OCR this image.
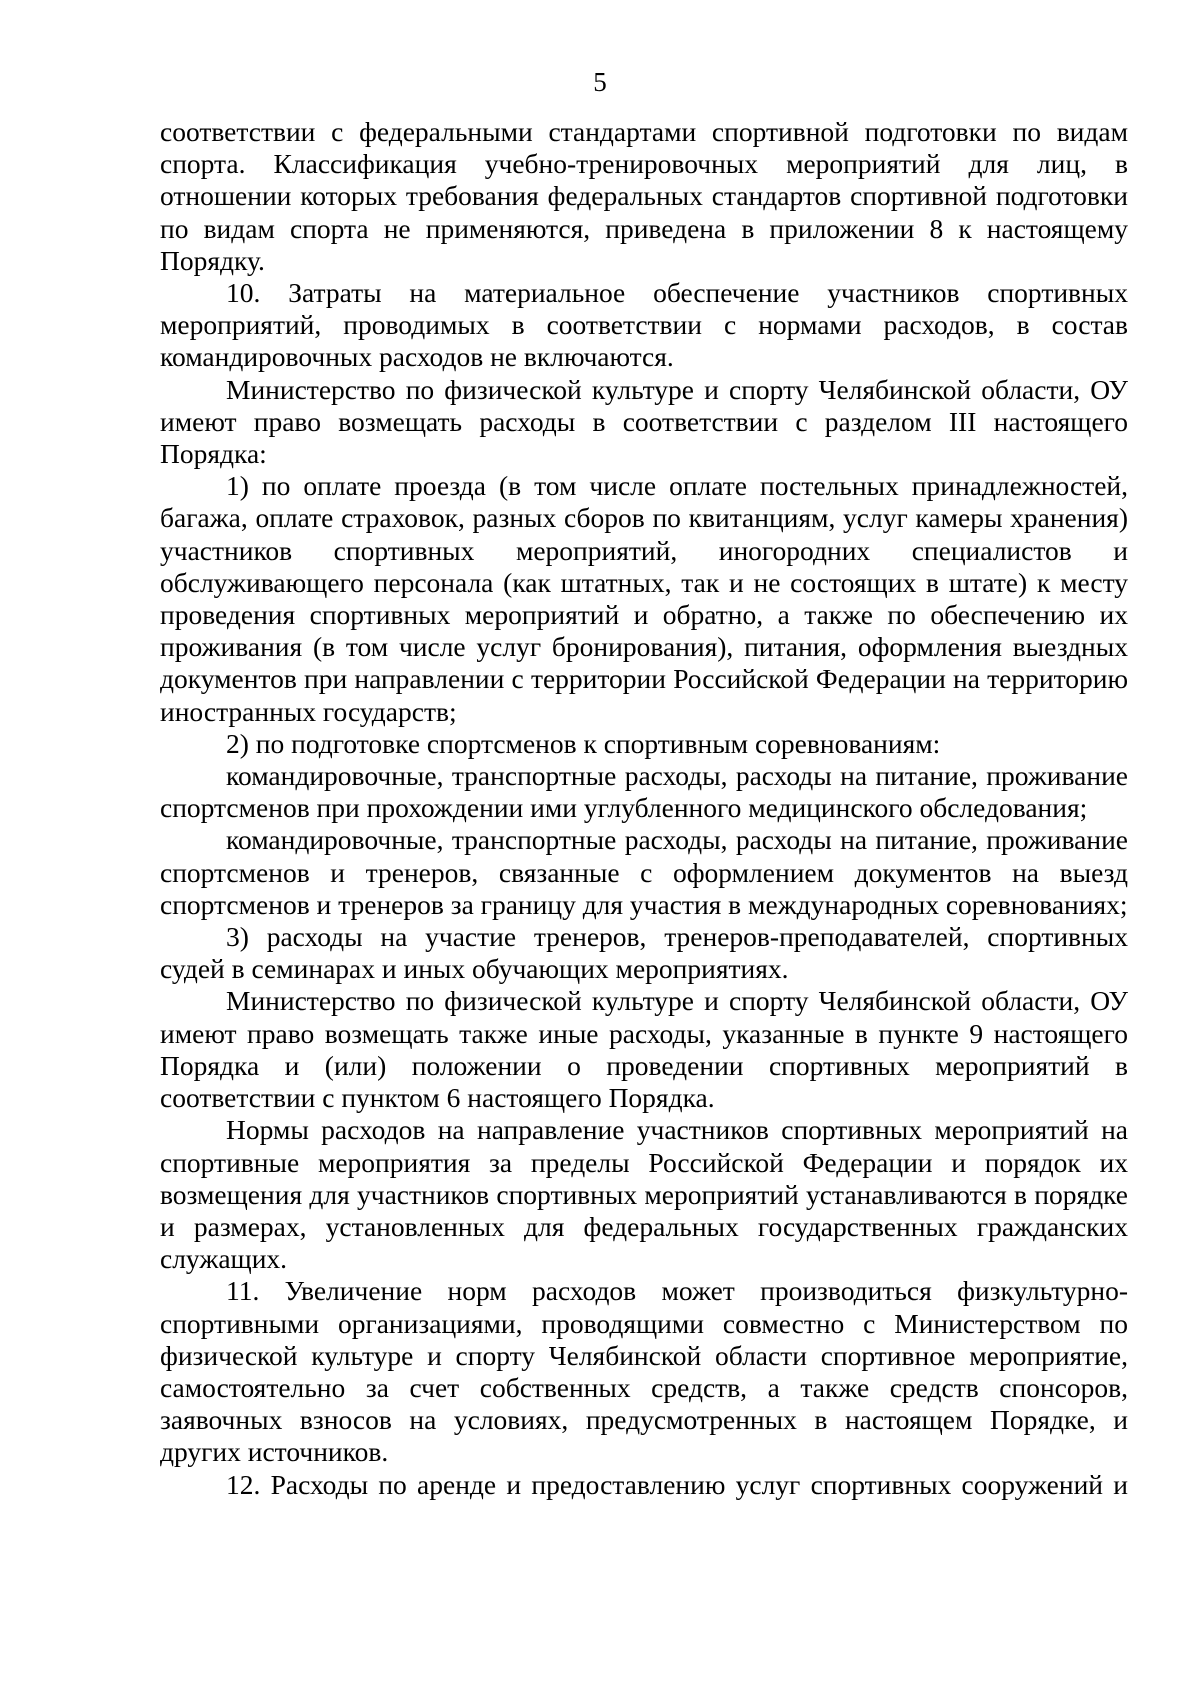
5

соответствии с федеральными стандартами спортивной подготовки по видам спорта. Классификация учебно-тренировочных мероприятий для лиц, в отношении которых требования федеральных стандартов спортивной подготовки по видам спорта не применяются, приведена в приложении 8 к настоящему Порядку.

10. Затраты на материальное обеспечение участников спортивных мероприятий, проводимых в соответствии с нормами расходов, в состав командировочных расходов не включаются.

Министерство по физической культуре и спорту Челябинской области, ОУ имеют право возмещать расходы в соответствии с разделом III настоящего Порядка:

1) по оплате проезда (в том числе оплате постельных принадлежностей, багажа, оплате страховок, разных сборов по квитанциям, услуг камеры хранения) участников спортивных мероприятий, иногородних специалистов и обслуживающего персонала (как штатных, так и не состоящих в штате) к месту проведения спортивных мероприятий и обратно, а также по обеспечению их проживания (в том числе услуг бронирования), питания, оформления выездных документов при направлении с территории Российской Федерации на территорию иностранных государств;

2) по подготовке спортсменов к спортивным соревнованиям:

командировочные, транспортные расходы, расходы на питание, проживание спортсменов при прохождении ими углубленного медицинского обследования;

командировочные, транспортные расходы, расходы на питание, проживание спортсменов и тренеров, связанные с оформлением документов на выезд спортсменов и тренеров за границу для участия в международных соревнованиях;

3) расходы на участие тренеров, тренеров-преподавателей, спортивных судей в семинарах и иных обучающих мероприятиях.

Министерство по физической культуре и спорту Челябинской области, ОУ имеют право возмещать также иные расходы, указанные в пункте 9 настоящего Порядка и (или) положении о проведении спортивных мероприятий в соответствии с пунктом 6 настоящего Порядка.

Нормы расходов на направление участников спортивных мероприятий на спортивные мероприятия за пределы Российской Федерации и порядок их возмещения для участников спортивных мероприятий устанавливаются в порядке и размерах, установленных для федеральных государственных гражданских служащих.

11. Увеличение норм расходов может производиться физкультурно-спортивными организациями, проводящими совместно с Министерством по физической культуре и спорту Челябинской области спортивное мероприятие, самостоятельно за счет собственных средств, а также средств спонсоров, заявочных взносов на условиях, предусмотренных в настоящем Порядке, и других источников.

12. Расходы по аренде и предоставлению услуг спортивных сооружений и
